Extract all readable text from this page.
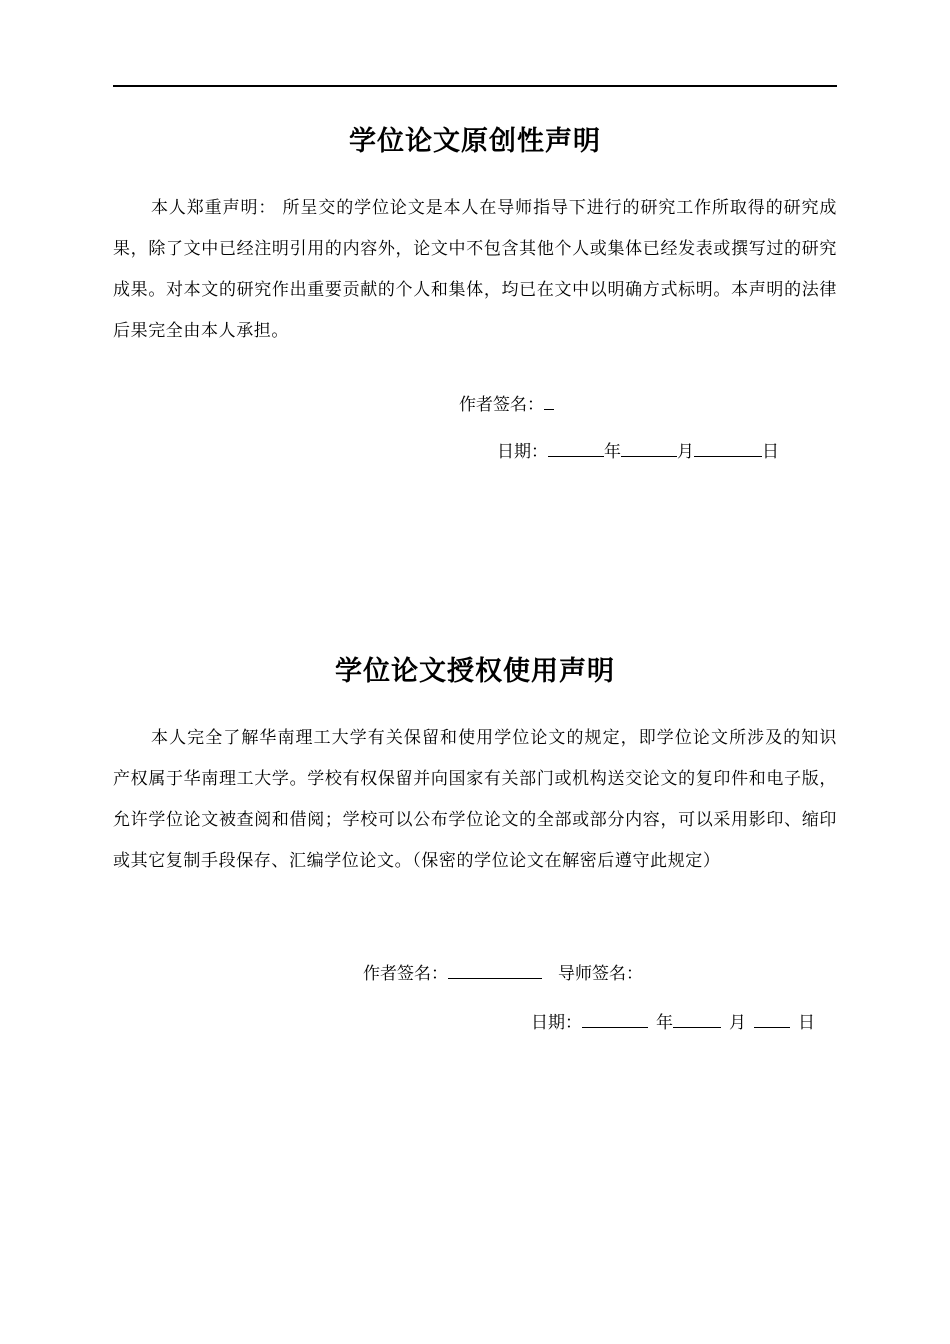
学位论文原创性声明
本人郑重声明： 所呈交的学位论文是本人在导师指导下进行的研究工作所取得的研究成果，除了文中已经注明引用的内容外，论文中不包含其他个人或集体已经发表或撰写过的研究成果。对本文的研究作出重要贡献的个人和集体，均已在文中以明确方式标明。本声明的法律后果完全由本人承担。
作者签名：
日期：	年	月	日
学位论文授权使用声明
本人完全了解华南理工大学有关保留和使用学位论文的规定，即学位论文所涉及的知识产权属于华南理工大学。学校有权保留并向国家有关部门或机构送交论文的复印件和电子版，允许学位论文被查阅和借阅；学校可以公布学位论文的全部或部分内容，可以采用影印、缩印或其它复制手段保存、汇编学位论文。（保密的学位论文在解密后遵守此规定）
作者签名：	导师签名：
日期：	年	月	日
